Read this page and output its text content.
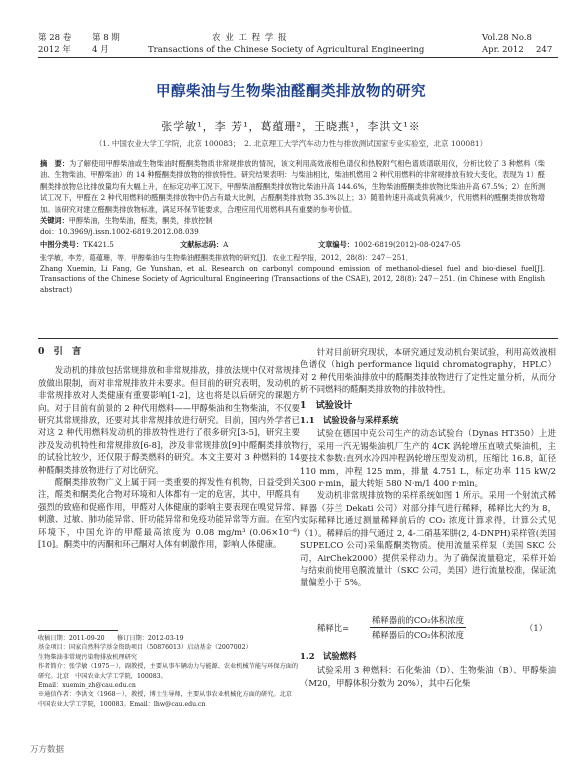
第 28 卷 第 8 期	农 业 工 程 学 报	Vol.28 No.8
2012 年 4 月	Transactions of the Chinese Society of Agricultural Engineering	Apr. 2012 247
甲醇柴油与生物柴油醛酮类排放物的研究
张学敏¹，李 芳¹，葛蕴珊²，王晓燕¹，李洪文¹※
（1. 中国农业大学工学院，北京 100083；　2. 北京理工大学汽车动力性与排放测试国家专业实验室，北京 100081）
摘　要：为了解使用甲醇柴油或生物柴油时醛酮类物质非常规排放的情况，该文利用高效液相色谱仪和热脱附气相色谱质谱联用仪，分析比较了 3 种燃料（柴油、生物柴油、甲醇柴油）的 14 种醛酮类排放物的排放特性。研究结果表明：与柴油相比，柴油机燃用 2 种代用燃料的非常规排放有较大变化，表现为 1）醛酮类排放物总比排放量均有大幅上升，在标定功率工况下，甲醇柴油醛酮类排放物比柴油升高 144.6%，生物柴油醛酮类排放物比柴油升高 67.5%；2）在所测试工况下，甲醛在 2 种代用燃料的醛酮类排放物中仍占有最大比例，占醛酮类排放物 35.3%以上；3）随着转速升高或负荷减少，代用燃料的醛酮类排放物增加。该研究对建立醛酮类排放物标准，满足环保节能要求，合理应用代用燃料具有重要的参考价值。
关键词：甲醇柴油，生物柴油，醛类，酮类，排放控制
doi：10.3969/j.issn.1002-6819.2012.08.039
中图分类号：TK421.5	文献标志码：A	文章编号：1002-6819(2012)-08-0247-05
张学敏，李芳，葛蕴珊，等．甲醇柴油与生物柴油醛酮类排放物的研究[J]．农业工程学报，2012，28(8)：247－251．
Zhang Xuemin, Li Fang, Ge Yunshan, et al. Research on carbonyl compound emission of methanol-diesel fuel and bio-diesel fuel[J]. Transactions of the Chinese Society of Agricultural Engineering (Transactions of the CSAE), 2012, 28(8): 247－251. (in Chinese with English abstract)

0　引　言

发动机的排放包括常规排放和非常规排放，排放法规中仅对常规排放做出限制，而对非常规排放并未要求。但目前的研究表明，发动机的非常规排放对人类健康有重要影响[1-2]，这也将是以后研究的课题方向。对于目前有前景的 2 种代用燃料——甲醇柴油和生物柴油，不仅要研究其常规排放，还要对其非常规排放进行研究。目前，国内外学者已对这 2 种代用燃料发动机的排放特性进行了很多研究[3-5]，研究主要涉及发动机特性和常规排放[6-8]，涉及非常规排放[9]中醛酮类排放物的试验比较少，还仅限于醇类燃料的研究。本文主要对 3 种燃料的 14 种醛酮类排放物进行了对比研究。

醛酮类排放物广义上属于同一类重要的挥发性有机物，日益受到关注，醛类和酮类化合物对环境和人体都有一定的危害，其中，甲醛具有强烈的致癌和促癌作用，甲醛对人体健康的影响主要表现在嗅觉异常、刺激、过敏、肺功能异常、肝功能异常和免疫功能异常等方面。在室内环境下，中国允许的甲醛最高浓度为 0.08 mg/m³ (0.06×10⁻⁶) [10]。酮类中的丙酮和环己酮对人体有刺激作用，影响人体健康。

收稿日期：2011-09-20　　修订日期：2012-03-19
基金项目：国家自然科学基金资助项目（50876013）启动基金（2007002）
生物柴油非常规污染物排放机理研究
作者简介：张学敏（1975－），副教授，主要从事车辆动力与能源、农业机械节能与环保方面的研究。北京　中国农业大学工学院，100083。
Email：xuemin_zh@cau.edu.cn
※通信作者：李洪文（1968－），教授，博士生导师，主要从事农业机械化方面的研究。北京　中国农业大学工学院，100083。Email：lhw@cau.edu.cn

针对目前研究现状，本研究通过发动机台架试验，利用高效液相色谱仪（high performance liquid chromatography，HPLC）对 2 种代用柴油排放中的醛酮类排放物进行了定性定量分析，从而分析不同燃料的醛酮类排放物的排放特性。

1　试验设计

1.1　试验设备与采样系统

试验在德国中克公司生产的动态试验台（Dynas HT350）上进行，采用一汽无锡柴油机厂生产的 4CK 涡轮增压直喷式柴油机，主要技术参数:直列水冷四冲程涡轮增压型发动机，压缩比 16.8，缸径 110 mm，冲程 125 mm，排量 4.751 L，标定功率 115 kW/2 300 r·min，最大转矩 580 N·m/1 400 r·min。

发动机非常规排放物的采样系统如图 1 所示。采用一个射流式稀释器（芬兰 Dekati 公司）对部分排气进行稀释，稀释比大约为 8，实际稀释比通过测量稀释前后的 CO₂ 浓度计算求得，计算公式见（1）。稀释后的排气通过 2, 4-二硝基苯肼(2, 4-DNPH)采样管(美国 SUPELCO 公司)采集醛酮类物质。使用流量采样泵（美国 SKC 公司，AirChek2000）提供采样动力。为了确保流量稳定，采样开始与结束前使用皂膜流量计（SKC 公司，美国）进行流量校准，保证流量偏差小于 5%。

稀释比=
稀释器前的CO₂体积浓度
稀释器后的CO₂体积浓度
（1）

1.2　试验燃料

试验采用 3 种燃料：石化柴油（D）、生物柴油（B）、甲醇柴油（M20，甲醇体积分数为 20%），其中石化柴

万方数据
